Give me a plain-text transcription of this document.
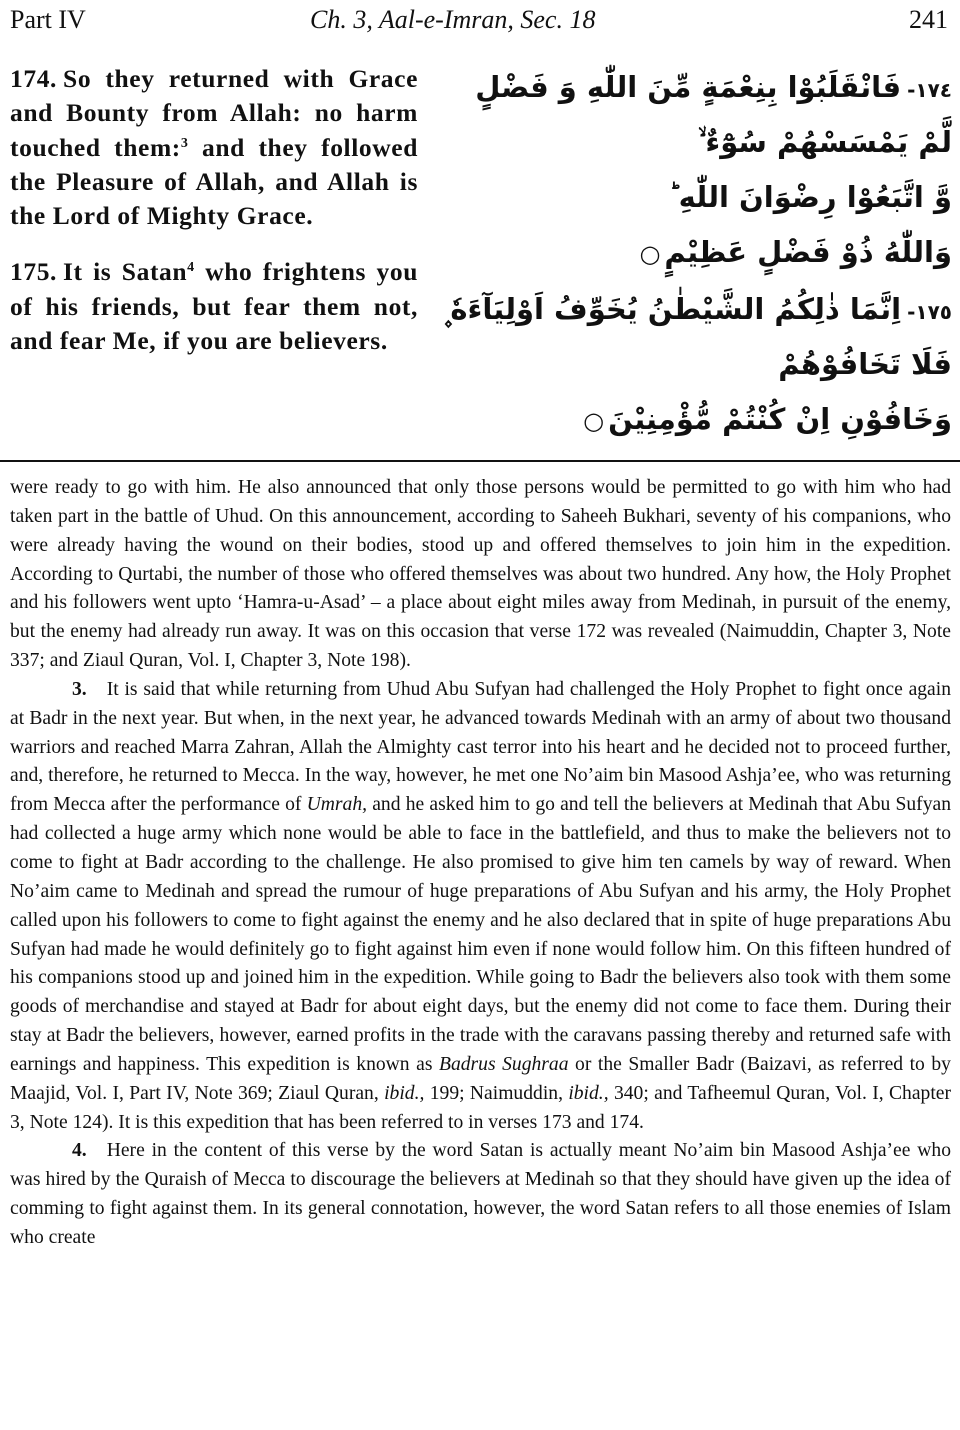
Part IV	Ch. 3, Aal-e-Imran, Sec. 18	241

174. So they returned with Grace and Bounty from Allah: no harm touched them:$^3$ and they followed the Pleasure of Allah, and Allah is the Lord of Mighty Grace.

175. It is Satan$^4$ who frightens you of his friends, but fear them not, and fear Me, if you are believers.

١٧٤-فَانْقَلَبُوْا بِنِعْمَةٍ مِّنَ اللّٰهِ وَ فَضْلٍ
لَّمْ يَمْسَسْهُمْ سُوْٓءٌ ۙ
وَّ اتَّبَعُوْا رِضْوَانَ اللّٰهِ ؕ
وَاللّٰهُ ذُوْ فَضْلٍ عَظِيْمٍ○
١٧٥-اِنَّمَا ذٰلِكُمُ الشَّيْطٰنُ يُخَوِّفُ اَوْلِيَآءَهٗ ۪
فَلَا تَخَافُوْهُمْ
وَخَافُوْنِ اِنْ كُنْتُمْ مُّؤْمِنِيْنَ○

were ready to go with him. He also announced that only those persons would be permitted to go with him who had taken part in the battle of Uhud. On this announcement, according to Saheeh Bukhari, seventy of his companions, who were already having the wound on their bodies, stood up and offered themselves to join him in the expedition. According to Qurtabi, the number of those who offered themselves was about two hundred. Any how, the Holy Prophet and his followers went upto ‘Hamra-u-Asad’ – a place about eight miles away from Medinah, in pursuit of the enemy, but the enemy had already run away. It was on this occasion that verse 172 was revealed (Naimuddin, Chapter 3, Note 337; and Ziaul Quran, Vol. I, Chapter 3, Note 198).

3. It is said that while returning from Uhud Abu Sufyan had challenged the Holy Prophet to fight once again at Badr in the next year. But when, in the next year, he advanced towards Medinah with an army of about two thousand warriors and reached Marra Zahran, Allah the Almighty cast terror into his heart and he decided not to proceed further, and, therefore, he returned to Mecca. In the way, however, he met one No’aim bin Masood Ashja’ee, who was returning from Mecca after the performance of Umrah, and he asked him to go and tell the believers at Medinah that Abu Sufyan had collected a huge army which none would be able to face in the battlefield, and thus to make the believers not to come to fight at Badr according to the challenge. He also promised to give him ten camels by way of reward. When No’aim came to Medinah and spread the rumour of huge preparations of Abu Sufyan and his army, the Holy Prophet called upon his followers to come to fight against the enemy and he also declared that in spite of huge preparations Abu Sufyan had made he would definitely go to fight against him even if none would follow him. On this fifteen hundred of his companions stood up and joined him in the expedition. While going to Badr the believers also took with them some goods of merchandise and stayed at Badr for about eight days, but the enemy did not come to face them. During their stay at Badr the believers, however, earned profits in the trade with the caravans passing thereby and returned safe with earnings and happiness. This expedition is known as Badrus Sughraa or the Smaller Badr (Baizavi, as referred to by Maajid, Vol. I, Part IV, Note 369; Ziaul Quran, ibid., 199; Naimuddin, ibid., 340; and Tafheemul Quran, Vol. I, Chapter 3, Note 124). It is this expedition that has been referred to in verses 173 and 174.

4. Here in the content of this verse by the word Satan is actually meant No’aim bin Masood Ashja’ee who was hired by the Quraish of Mecca to discourage the believers at Medinah so that they should have given up the idea of comming to fight against them. In its general connotation, however, the word Satan refers to all those enemies of Islam who create
